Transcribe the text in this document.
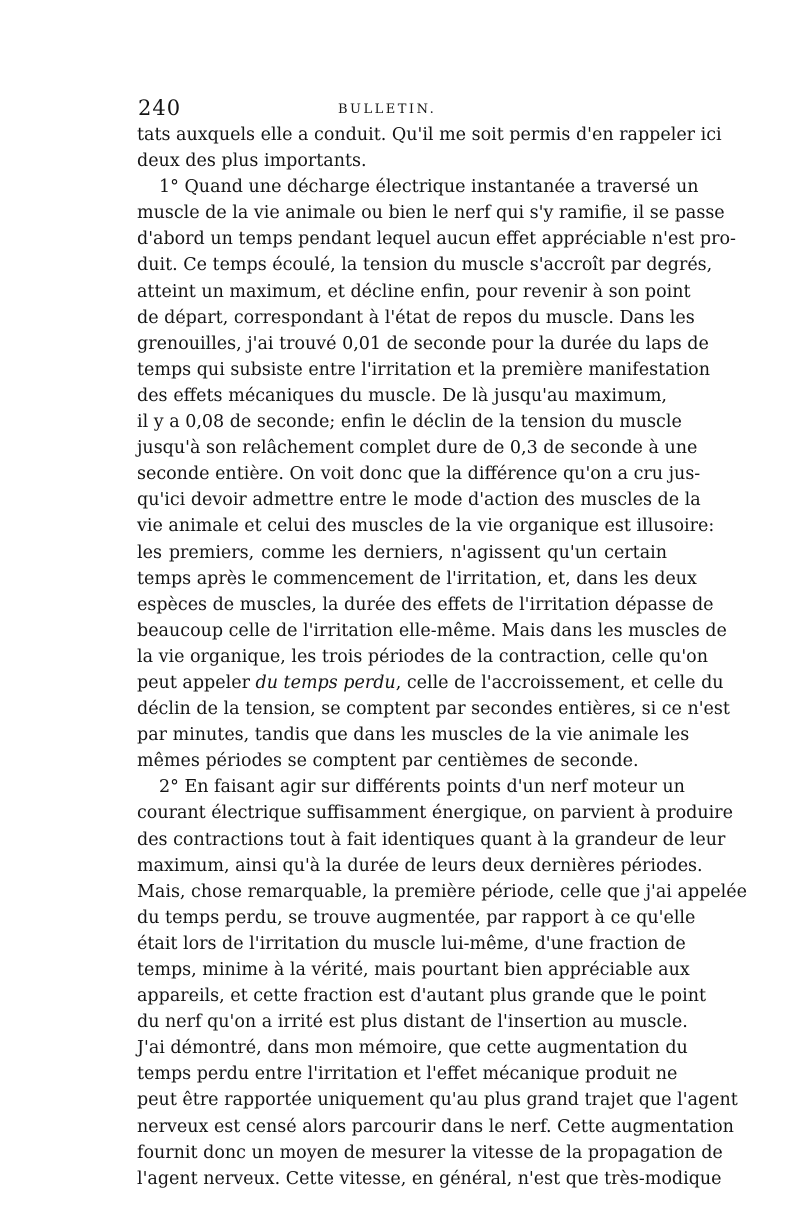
240	BULLETIN.
tats auxquels elle a conduit. Qu'il me soit permis d'en rappeler ici
deux des plus importants.
1° Quand une décharge électrique instantanée a traversé un
muscle de la vie animale ou bien le nerf qui s'y ramifie, il se passe
d'abord un temps pendant lequel aucun effet appréciable n'est pro-
duit. Ce temps écoulé, la tension du muscle s'accroît par degrés,
atteint un maximum, et décline enfin, pour revenir à son point
de départ, correspondant à l'état de repos du muscle. Dans les
grenouilles, j'ai trouvé 0,01 de seconde pour la durée du laps de
temps qui subsiste entre l'irritation et la première manifestation
des effets mécaniques du muscle. De là jusqu'au maximum,
il y a 0,08 de seconde; enfin le déclin de la tension du muscle
jusqu'à son relâchement complet dure de 0,3 de seconde à une
seconde entière. On voit donc que la différence qu'on a cru jus-
qu'ici devoir admettre entre le mode d'action des muscles de la
vie animale et celui des muscles de la vie organique est illusoire:
les premiers, comme les derniers, n'agissent qu'un certain
temps après le commencement de l'irritation, et, dans les deux
espèces de muscles, la durée des effets de l'irritation dépasse de
beaucoup celle de l'irritation elle-même. Mais dans les muscles de
la vie organique, les trois périodes de la contraction, celle qu'on
peut appeler du temps perdu, celle de l'accroissement, et celle du
déclin de la tension, se comptent par secondes entières, si ce n'est
par minutes, tandis que dans les muscles de la vie animale les
mêmes périodes se comptent par centièmes de seconde.
2° En faisant agir sur différents points d'un nerf moteur un
courant électrique suffisamment énergique, on parvient à produire
des contractions tout à fait identiques quant à la grandeur de leur
maximum, ainsi qu'à la durée de leurs deux dernières périodes.
Mais, chose remarquable, la première période, celle que j'ai appelée
du temps perdu, se trouve augmentée, par rapport à ce qu'elle
était lors de l'irritation du muscle lui-même, d'une fraction de
temps, minime à la vérité, mais pourtant bien appréciable aux
appareils, et cette fraction est d'autant plus grande que le point
du nerf qu'on a irrité est plus distant de l'insertion au muscle.
J'ai démontré, dans mon mémoire, que cette augmentation du
temps perdu entre l'irritation et l'effet mécanique produit ne
peut être rapportée uniquement qu'au plus grand trajet que l'agent
nerveux est censé alors parcourir dans le nerf. Cette augmentation
fournit donc un moyen de mesurer la vitesse de la propagation de
l'agent nerveux. Cette vitesse, en général, n'est que très-modique
